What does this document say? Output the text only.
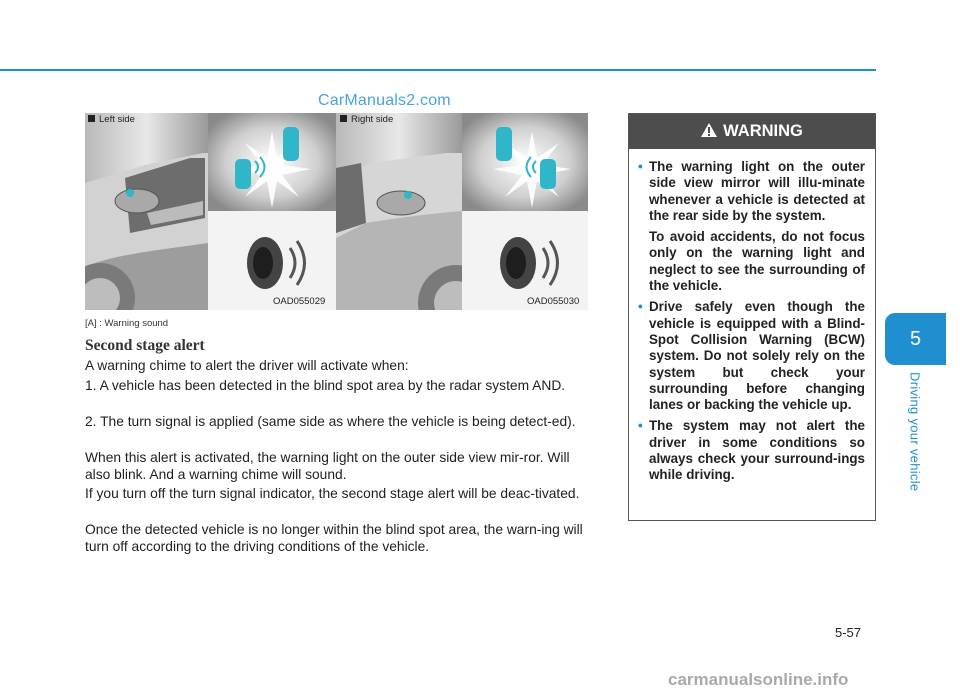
CarManuals2.com
Left side	Right side
OAD055029	OAD055030
[A] : Warning sound
Second stage alert
A warning chime to alert the driver will activate when:
1. A vehicle has been detected in the blind spot area by the radar system AND.
2. The turn signal is applied (same side as where the vehicle is being detect-ed).
When this alert is activated, the warning light on the outer side view mir-ror. Will also blink. And a warning chime will sound.
If you turn off the turn signal indicator, the second stage alert will be deac-tivated.
Once the detected vehicle is no longer within the blind spot area, the warn-ing will turn off according to the driving conditions of the vehicle.
WARNING
• The warning light on the outer side view mirror will illu-minate whenever a vehicle is detected at the rear side by the system.

To avoid accidents, do not focus only on the warning light and neglect to see the surrounding of the vehicle.

• Drive safely even though the vehicle is equipped with a Blind-Spot Collision Warning (BCW) system. Do not solely rely on the system but check your surrounding before changing lanes or backing the vehicle up.

• The system may not alert the driver in some conditions so always check your surround-ings while driving.

5
Driving your vehicle
5-57
carmanualsonline.info
